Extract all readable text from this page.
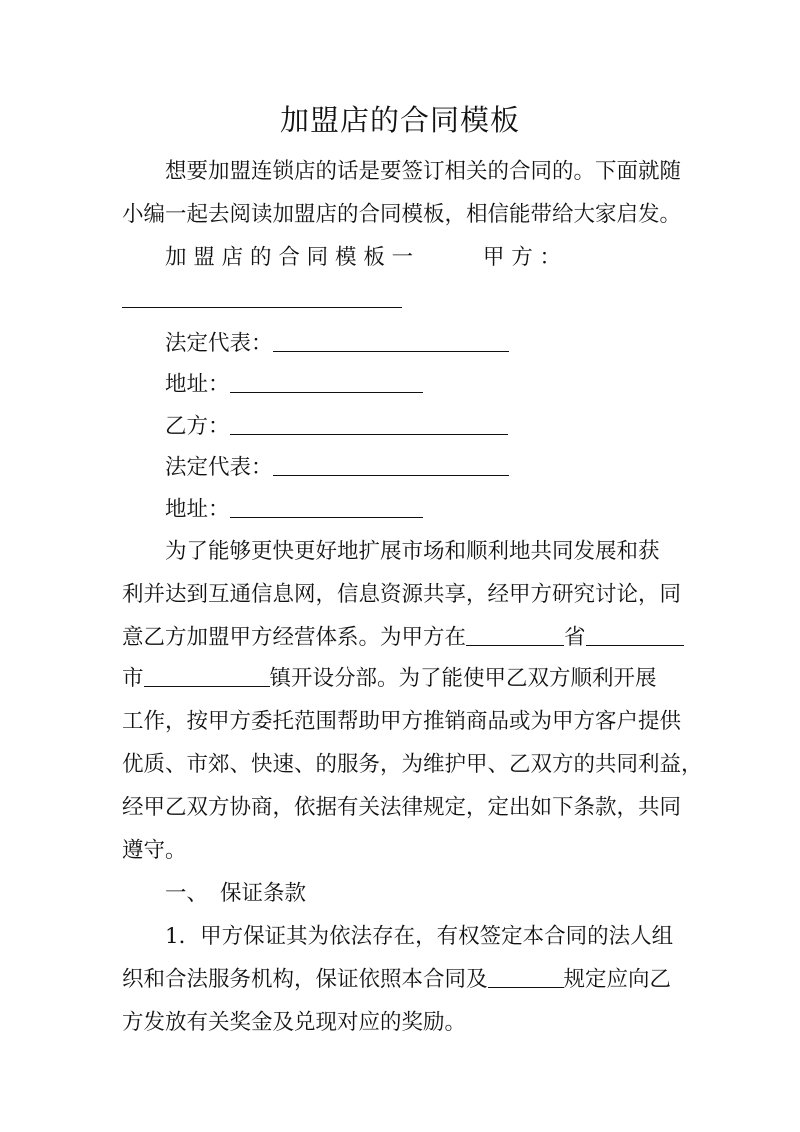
加盟店的合同模板
想要加盟连锁店的话是要签订相关的合同的。下面就随
小编一起去阅读加盟店的合同模板，相信能带给大家启发。
加 盟 店 的 合 同 模 板 一	甲 方 ：
法定代表：
地址：
乙方：
法定代表：
地址：
为了能够更快更好地扩展市场和顺利地共同发展和获
利并达到互通信息网，信息资源共享，经甲方研究讨论，同
意乙方加盟甲方经营体系。为甲方在	省
市	镇开设分部。为了能使甲乙双方顺利开展
工作，按甲方委托范围帮助甲方推销商品或为甲方客户提供
优质、市郊、快速、的服务，为维护甲、乙双方的共同利益，
经甲乙双方协商，依据有关法律规定，定出如下条款，共同
遵守。
一、 保证条款
1．甲方保证其为依法存在，有权签定本合同的法人组
织和合法服务机构，保证依照本合同及	规定应向乙
方发放有关奖金及兑现对应的奖励。
